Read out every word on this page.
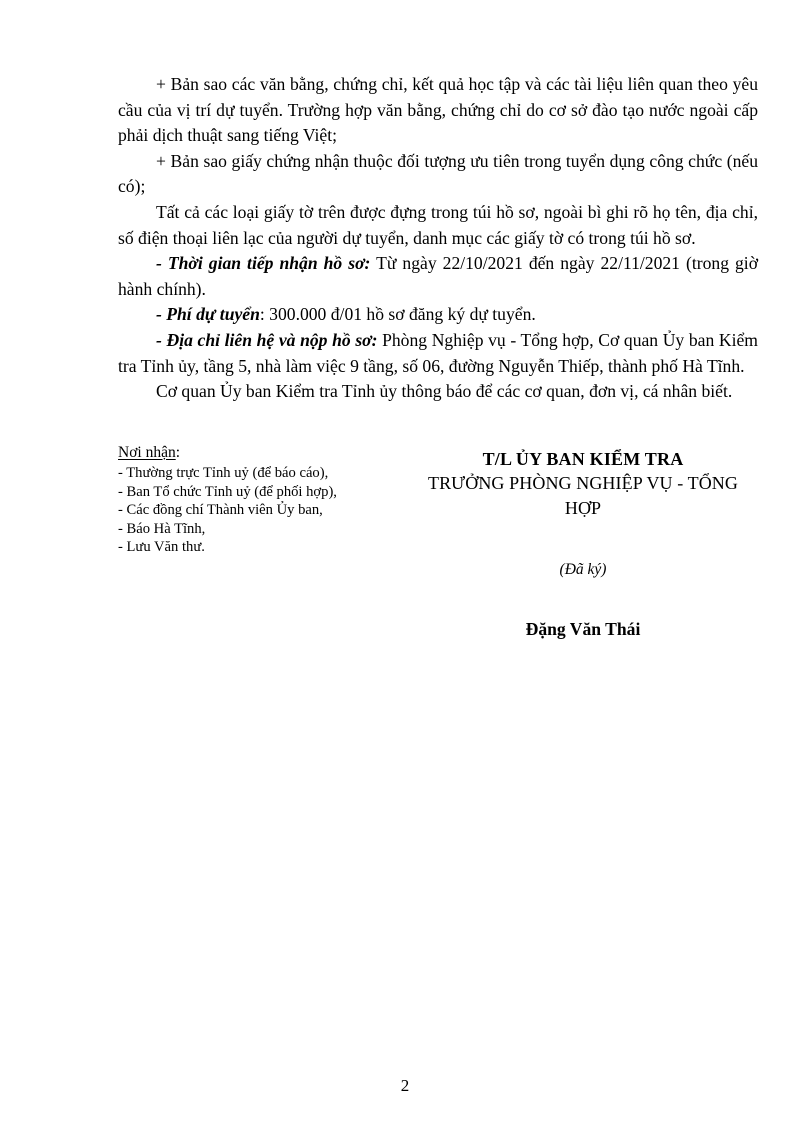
+ Bản sao các văn bằng, chứng chỉ, kết quả học tập và các tài liệu liên quan theo yêu cầu của vị trí dự tuyển. Trường hợp văn bằng, chứng chỉ do cơ sở đào tạo nước ngoài cấp phải dịch thuật sang tiếng Việt;

+ Bản sao giấy chứng nhận thuộc đối tượng ưu tiên trong tuyển dụng công chức (nếu có);

Tất cả các loại giấy tờ trên được đựng trong túi hồ sơ, ngoài bì ghi rõ họ tên, địa chỉ, số điện thoại liên lạc của người dự tuyển, danh mục các giấy tờ có trong túi hồ sơ.

- Thời gian tiếp nhận hồ sơ: Từ ngày 22/10/2021 đến ngày 22/11/2021 (trong giờ hành chính).

- Phí dự tuyển: 300.000 đ/01 hồ sơ đăng ký dự tuyển.

- Địa chỉ liên hệ và nộp hồ sơ: Phòng Nghiệp vụ - Tổng hợp, Cơ quan Ủy ban Kiểm tra Tỉnh ủy, tầng 5, nhà làm việc 9 tầng, số 06, đường Nguyễn Thiếp, thành phố Hà Tĩnh.

Cơ quan Ủy ban Kiểm tra Tỉnh ủy thông báo để các cơ quan, đơn vị, cá nhân biết.

Nơi nhận:
- Thường trực Tỉnh uỷ (để báo cáo),
- Ban Tổ chức Tỉnh uỷ (để phối hợp),
- Các đồng chí Thành viên Ủy ban,
- Báo Hà Tĩnh,
- Lưu Văn thư.
T/L ỦY BAN KIỂM TRA
TRƯỞNG PHÒNG NGHIỆP VỤ - TỔNG HỢP
(Đã ký)
Đặng Văn Thái
2
